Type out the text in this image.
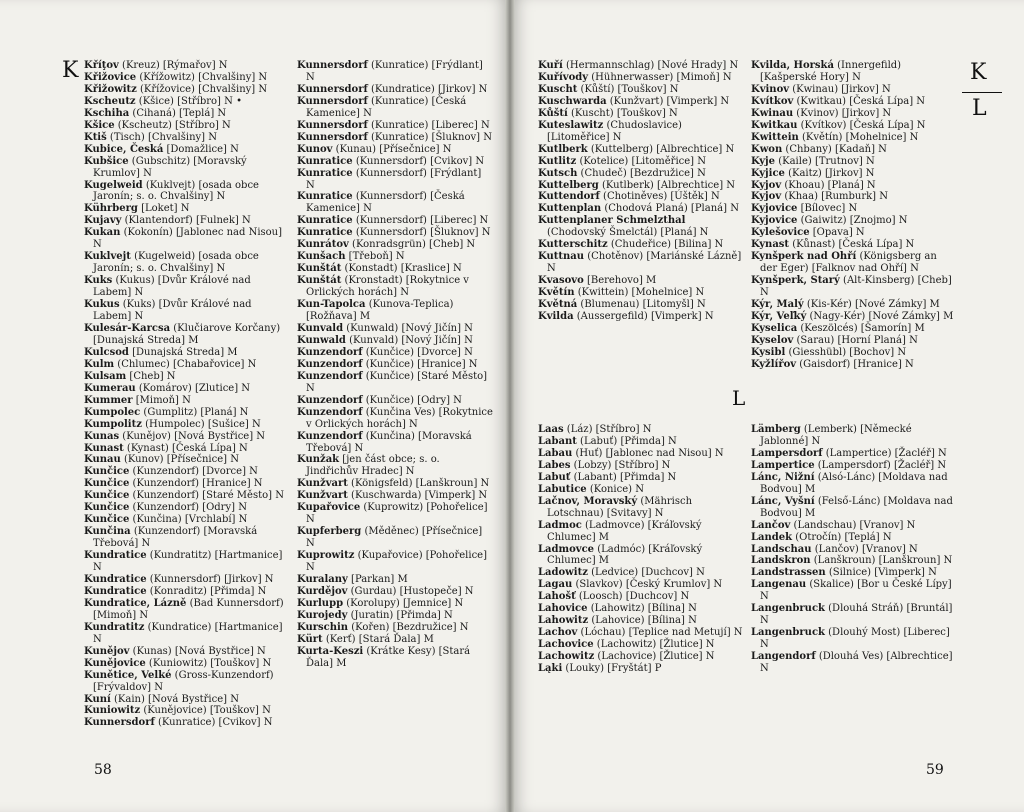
K Kříţov (Kreuz) [Rýmařov] N
Křižovice (Křížowitz) [Chvalšiny] N
Křižowitz (Křížovice) [Chvalšiny] N
Kscheutz (Kšice) [Stříbro] N •
Kschiha (Cihaná) [Teplá] N
Kšice (Kscheutz) [Stříbro] N
Ktiš (Tisch) [Chvalšiny] N
Kubice, Česká [Domažlice] N
Kubšice (Gubschitz) [Moravský Krumlov] N
Kugelweid (Kuklvejt) [osada obce Jaronín; s. o. Chvalšiny] N
Kührberg [Loket] N
Kujavy (Klantendorf) [Fulnek] N
Kukan (Kokonín) [Jablonec nad Nisou] N
Kuklvejt (Kugelweid) [osada obce Jaronín; s. o. Chvalšiny] N
Kuks (Kukus) [Dvůr Králové nad Labem] N
Kukus (Kuks) [Dvůr Králové nad Labem] N
Kulesár-Karcsa (Klučiarove Korčany) [Dunajská Streda] M
Kulcsod [Dunajská Streda] M
Kulm (Chlumec) [Chabařovice] N
Kulsam [Cheb] N
Kumerau (Komárov) [Zlutice] N
Kummer [Mimoň] N
Kumpolec (Gumplitz) [Planá] N
Kumpolitz (Humpolec) [Sušice] N
Kunas (Kunějov) [Nová Bystřice] N
Kunast (Kynast) [Česká Lípa] N
Kunau (Kunov) [Přísečnice] N
Kunčice (Kunzendorf) [Dvorce] N
Kunčice (Kunzendorf) [Hranice] N
Kunčice (Kunzendorf) [Staré Město] N
Kunčice (Kunzendorf) [Odry] N
Kunčice (Kunčina) [Vrchlabí] N
Kunčina (Kunzendorf) [Moravská Třebová] N
Kundratice (Kundratitz) [Hartmanice] N
Kundratice (Kunnersdorf) [Jirkov] N
Kundratice (Konraditz) [Přimda] N
Kundratice, Lázně (Bad Kunnersdorf) [Mimoň] N
Kundratitz (Kundratice) [Hartmanice] N
Kunějov (Kunas) [Nová Bystřice] N
Kunějovice (Kuniowitz) [Touškov] N
Kunětice, Velké (Gross-Kunzendorf) [Frývaldov] N
Kuní (Kain) [Nová Bystřice] N
Kuniowitz (Kunějovice) [Touškov] N
Kunnersdorf (Kunratice) [Cvikov] N
Kunnersdorf (Kunratice) [Frýdlant] N
Kunnersdorf (Kundratice) [Jirkov] N
Kunnersdorf (Kunratice) [Česká Kamenice] N
Kunnersdorf (Kunratice) [Liberec] N
Kunnersdorf (Kunratice) [Šluknov] N
Kunov (Kunau) [Přísečnice] N
Kunratice (Kunnersdorf) [Cvikov] N
Kunratice (Kunnersdorf) [Frýdlant] N
Kunratice (Kunnersdorf) [Česká Kamenice] N
Kunratice (Kunnersdorf) [Liberec] N
Kunratice (Kunnersdorf) [Šluknov] N
Kunrátov (Konradsgrün) [Cheb] N
Kunšach [Třeboň] N
Kunštát (Konstadt) [Kraslice] N
Kunštát (Kronstadt) [Rokytnice v Orlických horách] N
Kun-Tapolca (Kunova-Teplica) [Rožňava] M
Kunvald (Kunwald) [Nový Jičín] N
Kunwald (Kunvald) [Nový Jičín] N
Kunzendorf (Kunčice) [Dvorce] N
Kunzendorf (Kunčice) [Hranice] N
Kunzendorf (Kunčice) [Staré Město] N
Kunzendorf (Kunčice) [Odry] N
Kunzendorf (Kunčina Ves) [Rokytnice v Orlických horách] N
Kunzendorf (Kunčina) [Moravská Třebová] N
Kunžak [jen část obce; s. o. Jindřichův Hradec] N
Kunžvart (Königsfeld) [Lanškroun] N
Kunžvart (Kuschwarda) [Vimperk] N
Kupařovice (Kuprowitz) [Pohořelice] N
Kupferberg (Měděnec) [Přísečnice] N
Kuprowitz (Kupařovice) [Pohořelice] N
Kuralany [Parkan] M
Kurdějov (Gurdau) [Hustopeče] N
Kurlupp (Korolupy) [Jemnice] N
Kurojedy (Juratin) [Přimda] N
Kurschin (Kořen) [Bezdružice] N
Kürt (Kerť) [Stará Ďala] M
Kurta-Keszi (Krátke Kesy) [Stará Ďala] M
58
Kuří (Hermannschlag) [Nové Hrady] N
Kuřívody (Hühnerwasser) [Mimoň] N
Kuscht (Kůští) [Touškov] N
Kuschwarda (Kunžvart) [Vimperk] N
Kůští (Kuscht) [Touškov] N
Kuteslawitz (Chudoslavice) [Litoměřice] N
Kutlberk (Kuttelberg) [Albrechtice] N
Kutlitz (Kotelice) [Litoměřice] N
Kutsch (Chudeč) [Bezdružice] N
Kuttelberg (Kutlberk) [Albrechtice] N
Kuttendorf (Chotiněves) [Úštěk] N
Kuttenplan (Chodová Planá) [Planá] N
Kuttenplaner Schmelzthal (Chodovský Šmelctál) [Planá] N
Kutterschitz (Chudeřice) [Bilina] N
Kuttnau (Chotěnov) [Mariánské Lázně] N
Kvasovo [Berehovo] M
Květín (Kwittein) [Mohelnice] N
Květná (Blumenau) [Litomyšl] N
Kvilda (Aussergefild) [Vimperk] N
Kvilda, Horská (Innergefild) [Kašperské Hory] N
Kvinov (Kwinau) [Jirkov] N
Kvítkov (Kwitkau) [Česká Lípa] N
Kwinau (Kvinov) [Jirkov] N
Kwitkau (Kvítkov) [Česká Lípa] N
Kwittein (Květín) [Mohelnice] N
Kwon (Chbany) [Kadaň] N
Kyje (Kaile) [Trutnov] N
Kyjice (Kaitz) [Jirkov] N
Kyjov (Khoau) [Planá] N
Kyjov (Khaa) [Rumburk] N
Kyjovice [Bílovec] N
Kyjovice (Gaiwitz) [Znojmo] N
Kylešovice [Opava] N
Kynast (Kůnast) [Česká Lípa] N
Kynšperk nad Ohří (Königsberg an der Eger) [Falknov nad Ohří] N
Kynšperk, Starý (Alt-Kinsberg) [Cheb] N
Kýr, Malý (Kis-Kér) [Nové Zámky] M
Kýr, Veľký (Nagy-Kér) [Nové Zámky] M
Kyselica (Keszölcés) [Šamorín] M
Kyselov (Sarau) [Horní Planá] N
Kysibl (Giesshübl) [Bochov] N
Kyžlířov (Gaisdorf) [Hranice] N
K
L
L
Laas (Láz) [Stříbro] N
Labant (Labuť) [Přimda] N
Labau (Huť) [Jablonec nad Nisou] N
Labes (Lobzy) [Stříbro] N
Labuť (Labant) [Přimda] N
Labutice (Konice) N
Lačnov, Moravský (Mährisch Lotschnau) [Svitavy] N
Ladmoc (Ladmovce) [Kráľovský Chlumec] M
Ladmovce (Ladmóc) [Kráľovský Chlumec] M
Ladowitz (Ledvice) [Duchcov] N
Lagau (Slavkov) [Český Krumlov] N
Lahošť (Loosch) [Duchcov] N
Lahovice (Lahowitz) [Bílina] N
Lahowitz (Lahovice) [Bílina] N
Lachov (Lóchau) [Teplice nad Metují] N
Lachovice (Lachowitz) [Žlutice] N
Lachowitz (Lachovice) [Žlutice] N
Ląki (Louky) [Fryštát] P
Lämberg (Lemberk) [Německé Jablonné] N
Lampersdorf (Lampertice) [Žacléř] N
Lampertice (Lampersdorf) [Žacléř] N
Lánc, Nižní (Alsó-Lánc) [Moldava nad Bodvou] M
Lánc, Vyšní (Felső-Lánc) [Moldava nad Bodvou] M
Lančov (Landschau) [Vranov] N
Landek (Otročín) [Teplá] N
Landschau (Lančov) [Vranov] N
Landskron (Lanškroun) [Lanškroun] N
Landstrassen (Silnice) [Vimperk] N
Langenau (Skalice) [Bor u České Lípy] N
Langenbruck (Dlouhá Stráň) [Bruntál] N
Langenbruck (Dlouhý Most) [Liberec] N
Langendorf (Dlouhá Ves) [Albrechtice] N
59
